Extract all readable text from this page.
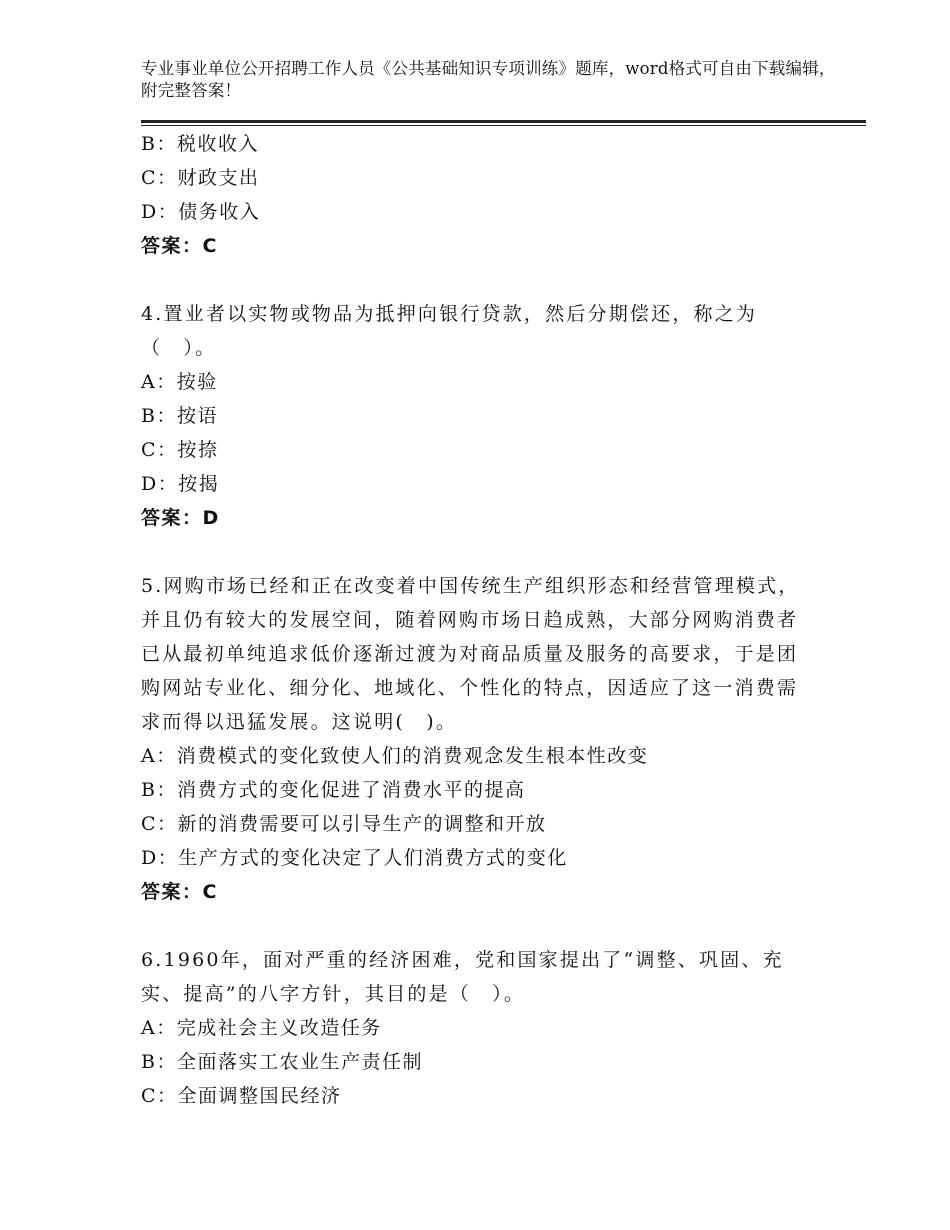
专业事业单位公开招聘工作人员《公共基础知识专项训练》题库，word格式可自由下载编辑，附完整答案！
B：税收收入
C：财政支出
D：债务收入
答案：C
4.置业者以实物或物品为抵押向银行贷款，然后分期偿还，称之为（　）。
A：按验
B：按语
C：按捺
D：按揭
答案：D
5.网购市场已经和正在改变着中国传统生产组织形态和经营管理模式，并且仍有较大的发展空间，随着网购市场日趋成熟，大部分网购消费者已从最初单纯追求低价逐渐过渡为对商品质量及服务的高要求，于是团购网站专业化、细分化、地域化、个性化的特点，因适应了这一消费需求而得以迅猛发展。这说明(　)。
A：消费模式的变化致使人们的消费观念发生根本性改变
B：消费方式的变化促进了消费水平的提高
C：新的消费需要可以引导生产的调整和开放
D：生产方式的变化决定了人们消费方式的变化
答案：C
6.1960年，面对严重的经济困难，党和国家提出了“调整、巩固、充实、提高”的八字方针，其目的是（　）。
A：完成社会主义改造任务
B：全面落实工农业生产责任制
C：全面调整国民经济
